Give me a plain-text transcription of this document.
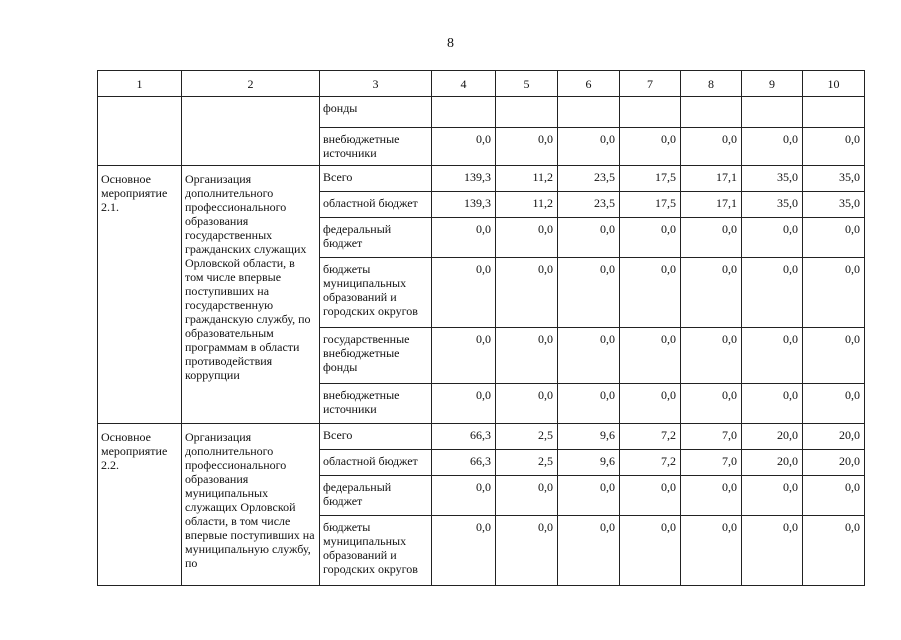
8
1	2	3	4	5	6	7	8	9	10
		фонды							
		внебюджетные источники	0,0	0,0	0,0	0,0	0,0	0,0	0,0
Основное мероприятие 2.1.	Организация дополнительного профессионального образования государственных гражданских служащих Орловской области, в том числе впервые поступивших на государственную гражданскую службу, по образовательным программам в области противодействия коррупции	Всего	139,3	11,2	23,5	17,5	17,1	35,0	35,0
		областной бюджет	139,3	11,2	23,5	17,5	17,1	35,0	35,0
		федеральный бюджет	0,0	0,0	0,0	0,0	0,0	0,0	0,0
		бюджеты муниципальных образований и городских округов	0,0	0,0	0,0	0,0	0,0	0,0	0,0
		государственные внебюджетные фонды	0,0	0,0	0,0	0,0	0,0	0,0	0,0
		внебюджетные источники	0,0	0,0	0,0	0,0	0,0	0,0	0,0
Основное мероприятие 2.2.	Организация дополнительного профессионального образования муниципальных служащих Орловской области, в том числе впервые поступивших на муниципальную службу, по	Всего	66,3	2,5	9,6	7,2	7,0	20,0	20,0
		областной бюджет	66,3	2,5	9,6	7,2	7,0	20,0	20,0
		федеральный бюджет	0,0	0,0	0,0	0,0	0,0	0,0	0,0
		бюджеты муниципальных образований и городских округов	0,0	0,0	0,0	0,0	0,0	0,0	0,0
